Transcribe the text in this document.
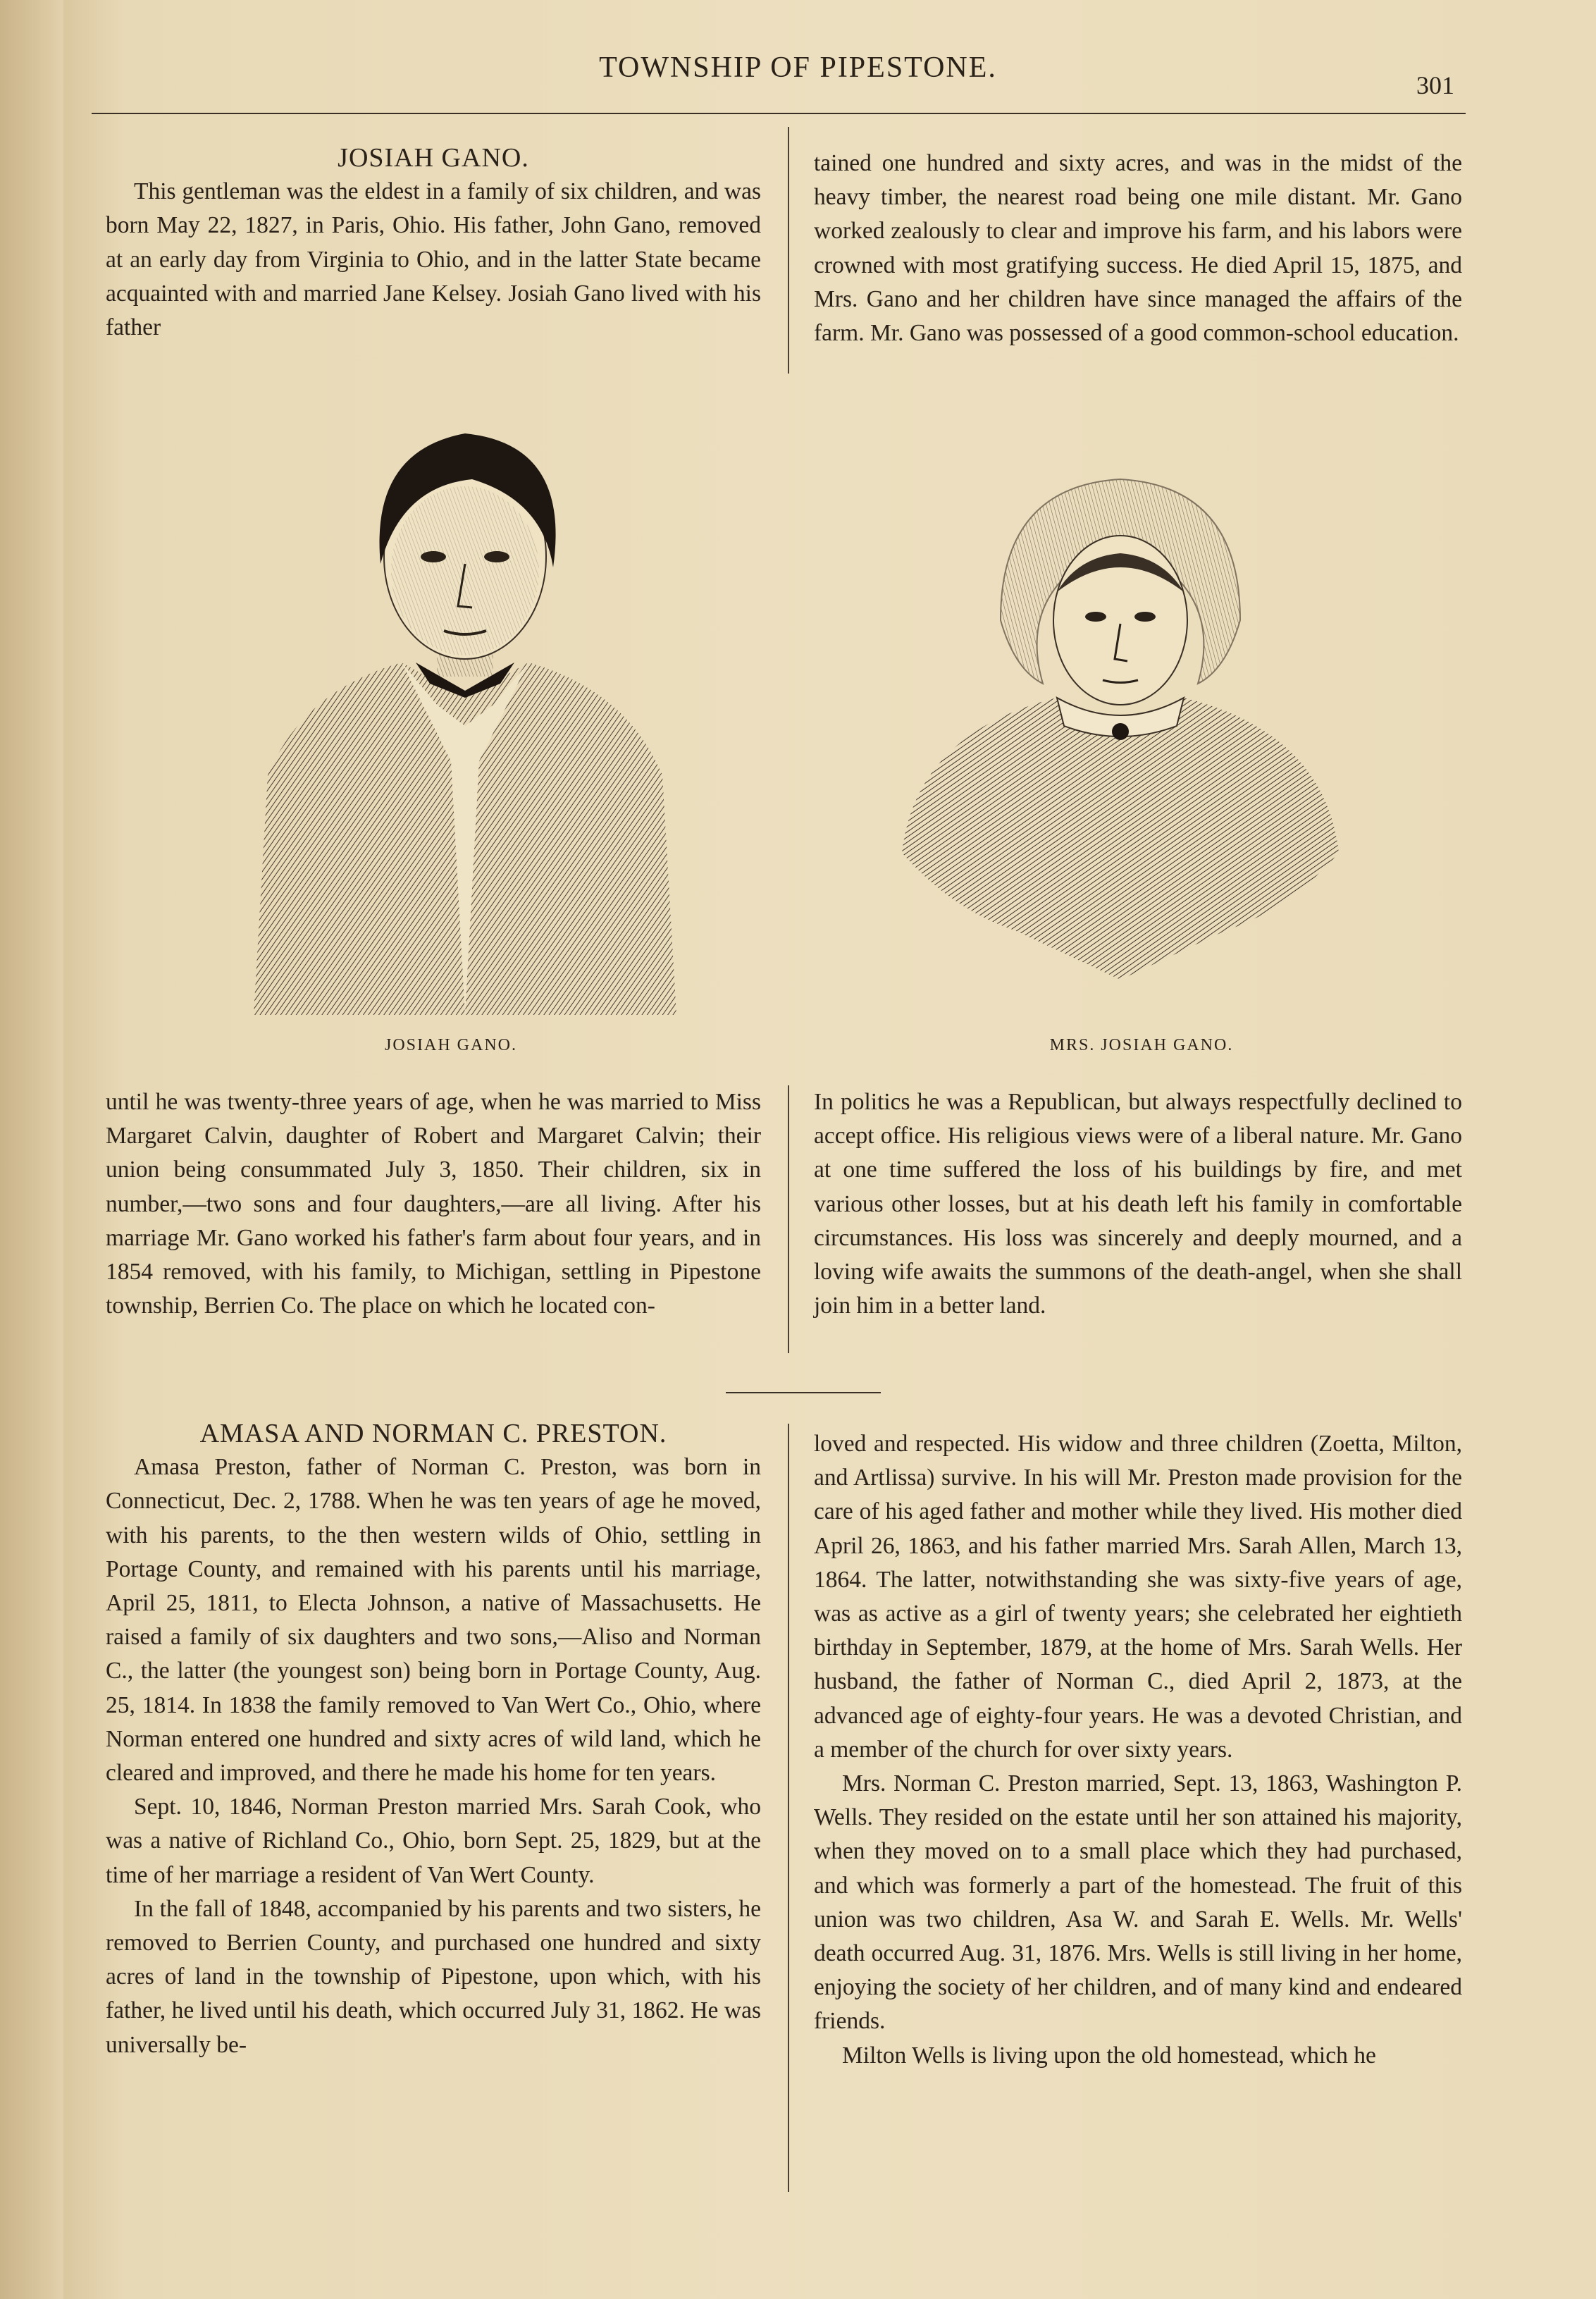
TOWNSHIP OF PIPESTONE.
301

JOSIAH GANO.

This gentleman was the eldest in a family of six children, and was born May 22, 1827, in Paris, Ohio. His father, John Gano, removed at an early day from Virginia to Ohio, and in the latter State became acquainted with and married Jane Kelsey. Josiah Gano lived with his father

tained one hundred and sixty acres, and was in the midst of the heavy timber, the nearest road being one mile distant. Mr. Gano worked zealously to clear and improve his farm, and his labors were crowned with most gratifying success. He died April 15, 1875, and Mrs. Gano and her children have since managed the affairs of the farm. Mr. Gano was possessed of a good common-school education.

JOSIAH GANO.	MRS. JOSIAH GANO.

until he was twenty-three years of age, when he was married to Miss Margaret Calvin, daughter of Robert and Margaret Calvin; their union being consummated July 3, 1850. Their children, six in number,—two sons and four daughters,—are all living. After his marriage Mr. Gano worked his father's farm about four years, and in 1854 removed, with his family, to Michigan, settling in Pipestone township, Berrien Co. The place on which he located con-

In politics he was a Republican, but always respectfully declined to accept office. His religious views were of a liberal nature. Mr. Gano at one time suffered the loss of his buildings by fire, and met various other losses, but at his death left his family in comfortable circumstances. His loss was sincerely and deeply mourned, and a loving wife awaits the summons of the death-angel, when she shall join him in a better land.

AMASA AND NORMAN C. PRESTON.

Amasa Preston, father of Norman C. Preston, was born in Connecticut, Dec. 2, 1788. When he was ten years of age he moved, with his parents, to the then western wilds of Ohio, settling in Portage County, and remained with his parents until his marriage, April 25, 1811, to Electa Johnson, a native of Massachusetts. He raised a family of six daughters and two sons,—Aliso and Norman C., the latter (the youngest son) being born in Portage County, Aug. 25, 1814. In 1838 the family removed to Van Wert Co., Ohio, where Norman entered one hundred and sixty acres of wild land, which he cleared and improved, and there he made his home for ten years.

Sept. 10, 1846, Norman Preston married Mrs. Sarah Cook, who was a native of Richland Co., Ohio, born Sept. 25, 1829, but at the time of her marriage a resident of Van Wert County.

In the fall of 1848, accompanied by his parents and two sisters, he removed to Berrien County, and purchased one hundred and sixty acres of land in the township of Pipestone, upon which, with his father, he lived until his death, which occurred July 31, 1862. He was universally be-

loved and respected. His widow and three children (Zoetta, Milton, and Artlissa) survive. In his will Mr. Preston made provision for the care of his aged father and mother while they lived. His mother died April 26, 1863, and his father married Mrs. Sarah Allen, March 13, 1864. The latter, notwithstanding she was sixty-five years of age, was as active as a girl of twenty years; she celebrated her eightieth birthday in September, 1879, at the home of Mrs. Sarah Wells. Her husband, the father of Norman C., died April 2, 1873, at the advanced age of eighty-four years. He was a devoted Christian, and a member of the church for over sixty years.

Mrs. Norman C. Preston married, Sept. 13, 1863, Washington P. Wells. They resided on the estate until her son attained his majority, when they moved on to a small place which they had purchased, and which was formerly a part of the homestead. The fruit of this union was two children, Asa W. and Sarah E. Wells. Mr. Wells' death occurred Aug. 31, 1876. Mrs. Wells is still living in her home, enjoying the society of her children, and of many kind and endeared friends.

Milton Wells is living upon the old homestead, which he
